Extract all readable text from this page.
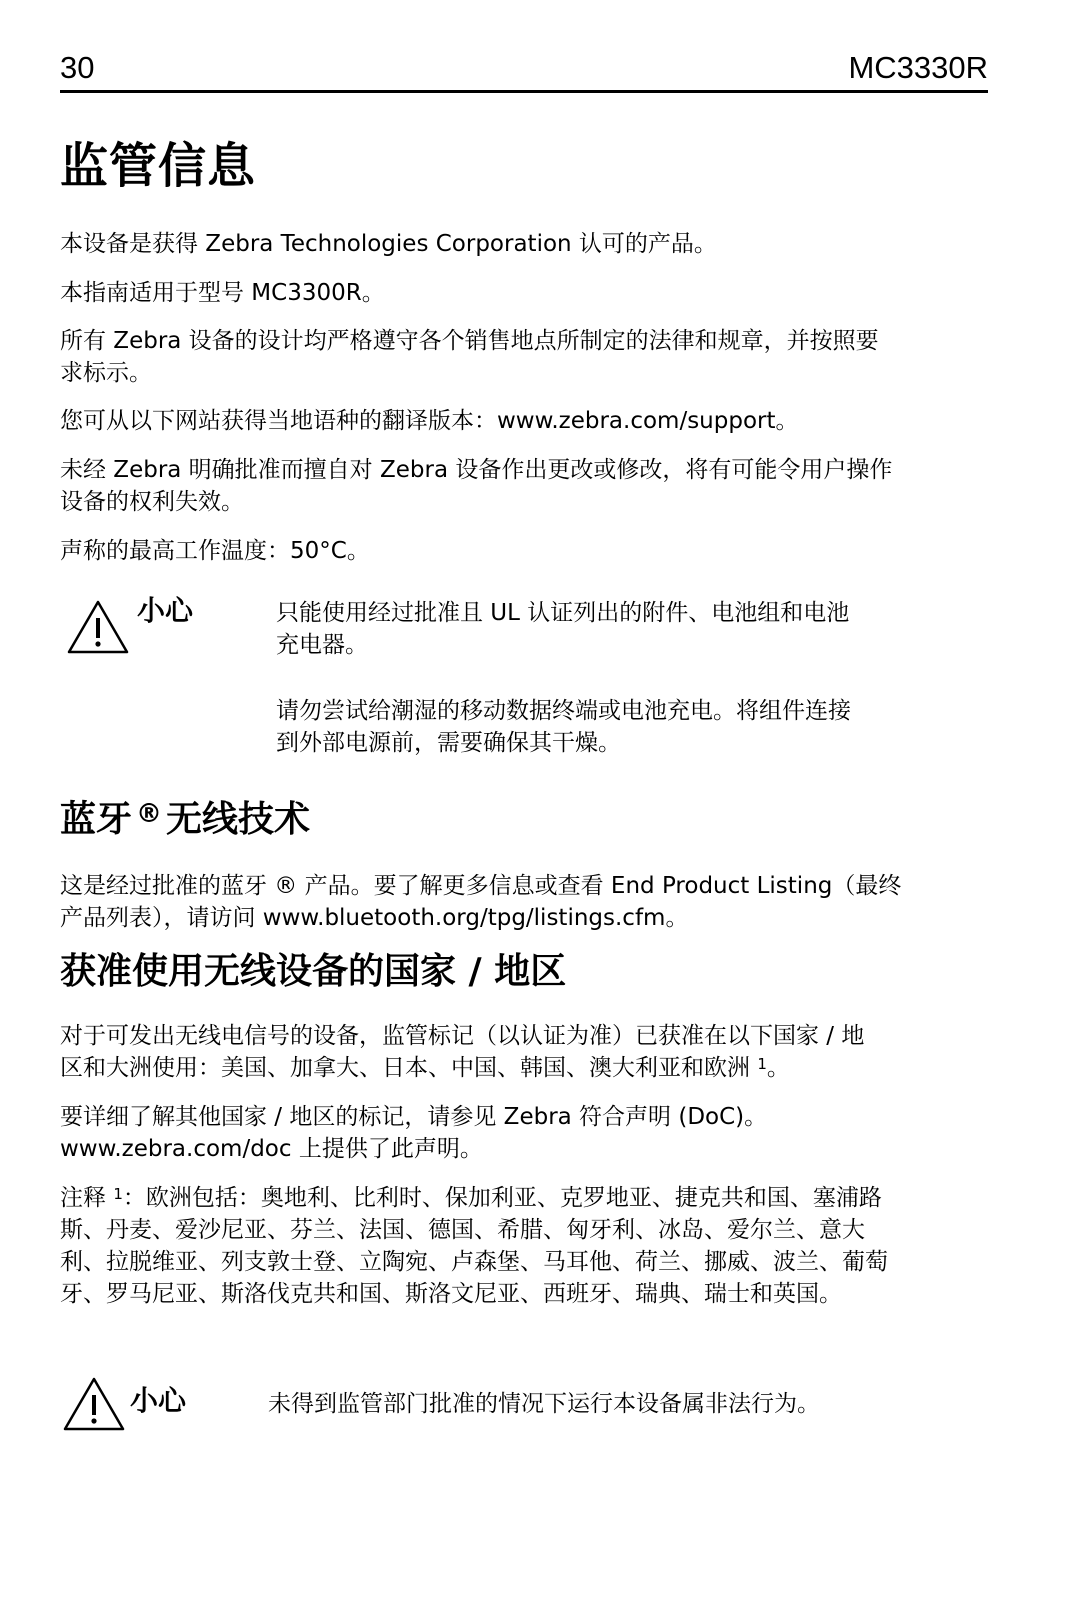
30	MC3330R
监管信息

本设备是获得 Zebra Technologies Corporation 认可的产品。

本指南适用于型号 MC3300R。

所有 Zebra 设备的设计均严格遵守各个销售地点所制定的法律和规章，并按照要
求标示。

您可从以下网站获得当地语种的翻译版本：www.zebra.com/support。

未经 Zebra 明确批准而擅自对 Zebra 设备作出更改或修改，将有可能令用户操作
设备的权利失效。

声称的最高工作温度：50°C。

小心	只能使用经过批准且 UL 认证列出的附件、电池组和电池
充电器。
请勿尝试给潮湿的移动数据终端或电池充电。将组件连接
到外部电源前，需要确保其干燥。
蓝牙 ® 无线技术
这是经过批准的蓝牙 ® 产品。要了解更多信息或查看 End Product Listing（最终
产品列表），请访问 www.bluetooth.org/tpg/listings.cfm。
获准使用无线设备的国家 / 地区
对于可发出无线电信号的设备，监管标记（以认证为准）已获准在以下国家 / 地
区和大洲使用：美国、加拿大、日本、中国、韩国、澳大利亚和欧洲 $^1$。
要详细了解其他国家 / 地区的标记，请参见 Zebra 符合声明 (DoC)。
www.zebra.com/doc 上提供了此声明。
注释 $^1$：欧洲包括：奥地利、比利时、保加利亚、克罗地亚、捷克共和国、塞浦路
斯、丹麦、爱沙尼亚、芬兰、法国、德国、希腊、匈牙利、冰岛、爱尔兰、意大
利、拉脱维亚、列支敦士登、立陶宛、卢森堡、马耳他、荷兰、挪威、波兰、葡萄
牙、罗马尼亚、斯洛伐克共和国、斯洛文尼亚、西班牙、瑞典、瑞士和英国。
小心	未得到监管部门批准的情况下运行本设备属非法行为。
